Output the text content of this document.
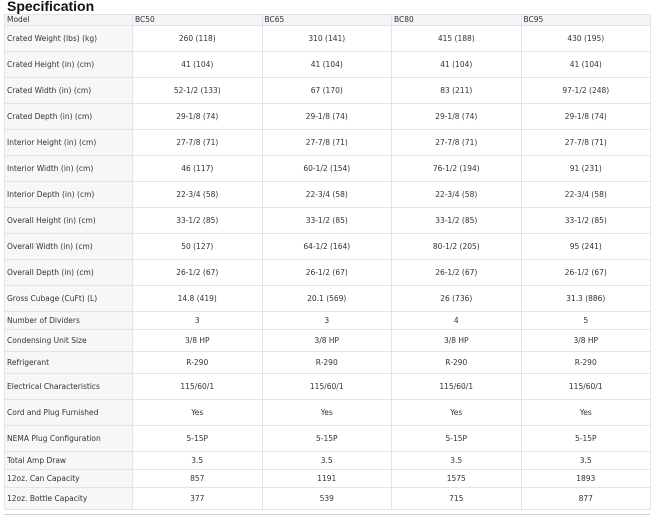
Specification
Model	BC50	BC65	BC80	BC95
Crated Weight (lbs) (kg)	260 (118)	310 (141)	415 (188)	430 (195)
Crated Height (in) (cm)	41 (104)	41 (104)	41 (104)	41 (104)
Crated Width (in) (cm)	52-1/2 (133)	67 (170)	83 (211)	97-1/2 (248)
Crated Depth (in) (cm)	29-1/8 (74)	29-1/8 (74)	29-1/8 (74)	29-1/8 (74)
Interior Height (in) (cm)	27-7/8 (71)	27-7/8 (71)	27-7/8 (71)	27-7/8 (71)
Interior Width (in) (cm)	46 (117)	60-1/2 (154)	76-1/2 (194)	91 (231)
Interior Depth (in) (cm)	22-3/4 (58)	22-3/4 (58)	22-3/4 (58)	22-3/4 (58)
Overall Height (in) (cm)	33-1/2 (85)	33-1/2 (85)	33-1/2 (85)	33-1/2 (85)
Overall Width (in) (cm)	50 (127)	64-1/2 (164)	80-1/2 (205)	95 (241)
Overall Depth (in) (cm)	26-1/2 (67)	26-1/2 (67)	26-1/2 (67)	26-1/2 (67)
Gross Cubage (CuFt) (L)	14.8 (419)	20.1 (569)	26 (736)	31.3 (886)
Number of Dividers	3	3	4	5
Condensing Unit Size	3/8 HP	3/8 HP	3/8 HP	3/8 HP
Refrigerant	R-290	R-290	R-290	R-290
Electrical Characteristics	115/60/1	115/60/1	115/60/1	115/60/1
Cord and Plug Furnished	Yes	Yes	Yes	Yes
NEMA Plug Configuration	5-15P	5-15P	5-15P	5-15P
Total Amp Draw	3.5	3.5	3.5	3.5
12oz. Can Capacity	857	1191	1575	1893
12oz. Bottle Capacity	377	539	715	877
